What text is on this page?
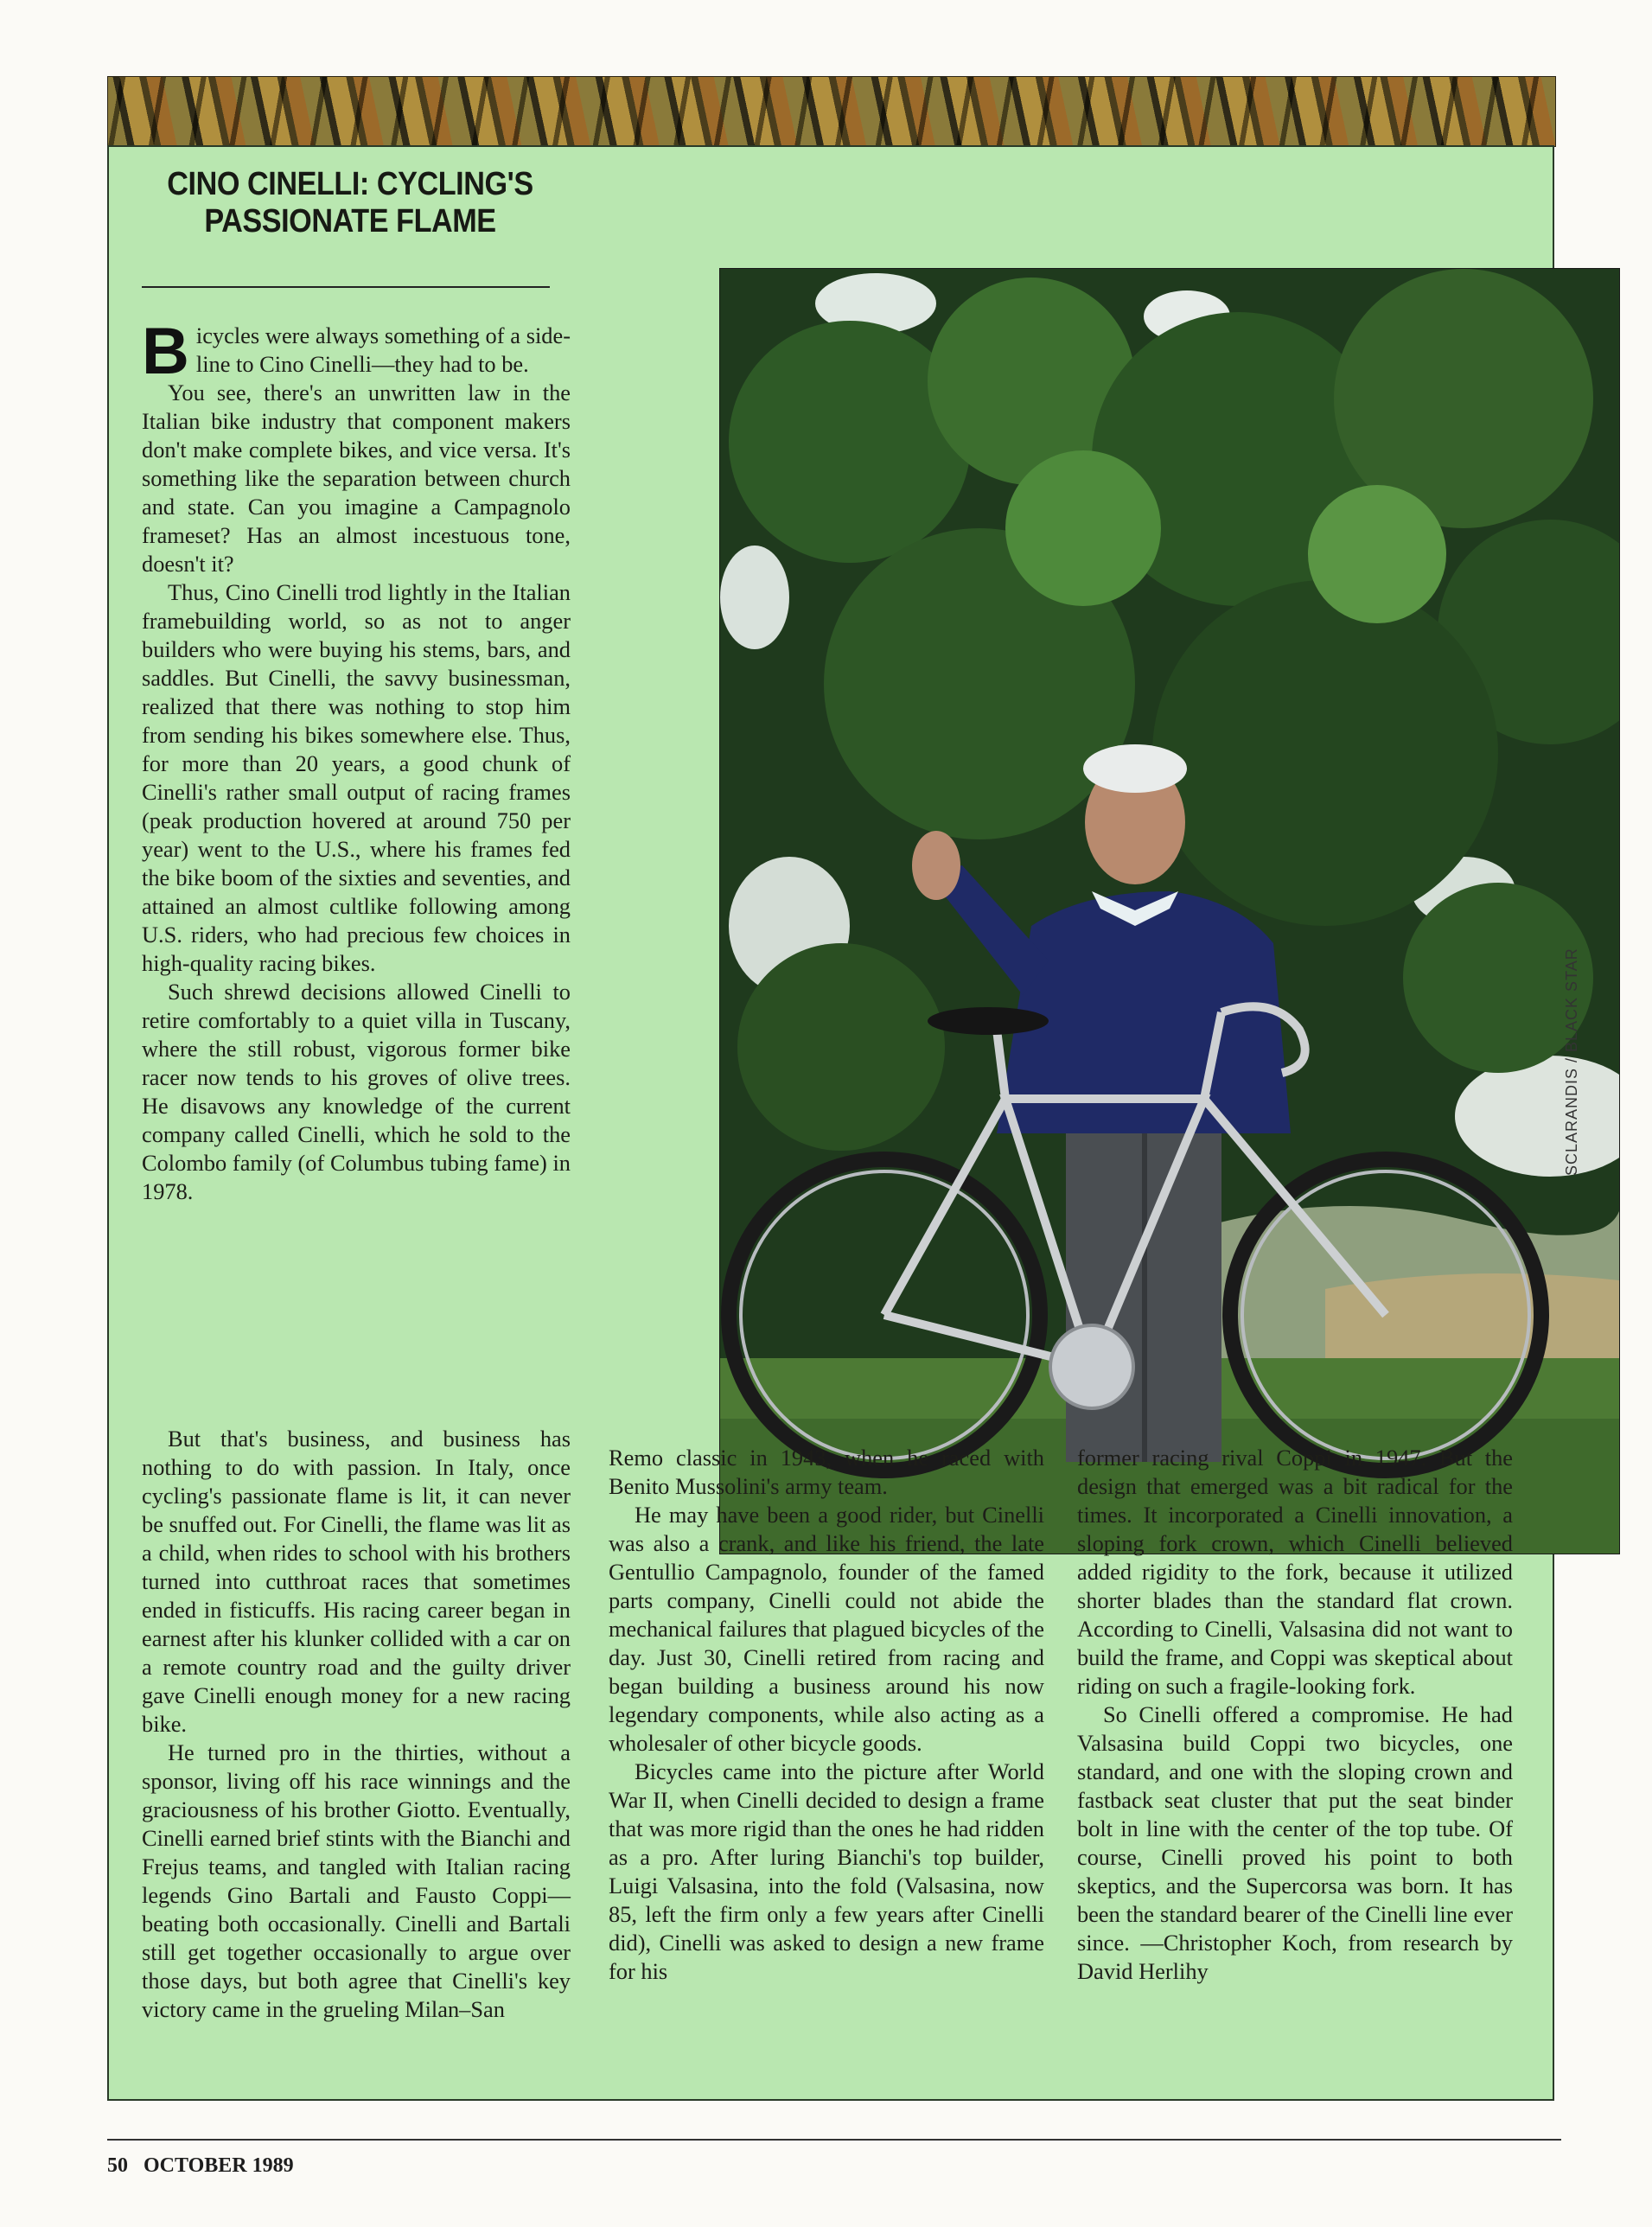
CINO CINELLI: CYCLING'S PASSIONATE FLAME

Bicycles were always something of a sideline to Cino Cinelli—they had to be.

You see, there's an unwritten law in the Italian bike industry that component makers don't make complete bikes, and vice versa. It's something like the separation between church and state. Can you imagine a Campagnolo frameset? Has an almost incestuous tone, doesn't it?

Thus, Cino Cinelli trod lightly in the Italian framebuilding world, so as not to anger builders who were buying his stems, bars, and saddles. But Cinelli, the savvy businessman, realized that there was nothing to stop him from sending his bikes somewhere else. Thus, for more than 20 years, a good chunk of Cinelli's rather small output of racing frames (peak production hovered at around 750 per year) went to the U.S., where his frames fed the bike boom of the sixties and seventies, and attained an almost cultlike following among U.S. riders, who had precious few choices in high-quality racing bikes.

Such shrewd decisions allowed Cinelli to retire comfortably to a quiet villa in Tuscany, where the still robust, vigorous former bike racer now tends to his groves of olive trees. He disavows any knowledge of the current company called Cinelli, which he sold to the Colombo family (of Columbus tubing fame) in 1978.

But that's business, and business has nothing to do with passion. In Italy, once cycling's passionate flame is lit, it can never be snuffed out. For Cinelli, the flame was lit as a child, when rides to school with his brothers turned into cutthroat races that sometimes ended in fisticuffs. His racing career began in earnest after his klunker collided with a car on a remote country road and the guilty driver gave Cinelli enough money for a new racing bike.

He turned pro in the thirties, without a sponsor, living off his race winnings and the graciousness of his brother Giotto. Eventually, Cinelli earned brief stints with the Bianchi and Frejus teams, and tangled with Italian racing legends Gino Bartali and Fausto Coppi—beating both occasionally. Cinelli and Bartali still get together occasionally to argue over those days, but both agree that Cinelli's key victory came in the grueling Milan–San

Remo classic in 1943, when he raced with Benito Mussolini's army team.

He may have been a good rider, but Cinelli was also a crank, and like his friend, the late Gentullio Campagnolo, founder of the famed parts company, Cinelli could not abide the mechanical failures that plagued bicycles of the day. Just 30, Cinelli retired from racing and began building a business around his now legendary components, while also acting as a wholesaler of other bicycle goods.

Bicycles came into the picture after World War II, when Cinelli decided to design a frame that was more rigid than the ones he had ridden as a pro. After luring Bianchi's top builder, Luigi Valsasina, into the fold (Valsasina, now 85, left the firm only a few years after Cinelli did), Cinelli was asked to design a new frame for his

former racing rival Coppi in 1947. But the design that emerged was a bit radical for the times. It incorporated a Cinelli innovation, a sloping fork crown, which Cinelli believed added rigidity to the fork, because it utilized shorter blades than the standard flat crown. According to Cinelli, Valsasina did not want to build the frame, and Coppi was skeptical about riding on such a fragile-looking fork.

So Cinelli offered a compromise. He had Valsasina build Coppi two bicycles, one standard, and one with the sloping crown and fastback seat cluster that put the seat binder bolt in line with the center of the top tube. Of course, Cinelli proved his point to both skeptics, and the Supercorsa was born. It has been the standard bearer of the Cinelli line ever since. —Christopher Koch, from research by David Herlihy

SCLARANDIS / BLACK STAR
50 OCTOBER 1989
